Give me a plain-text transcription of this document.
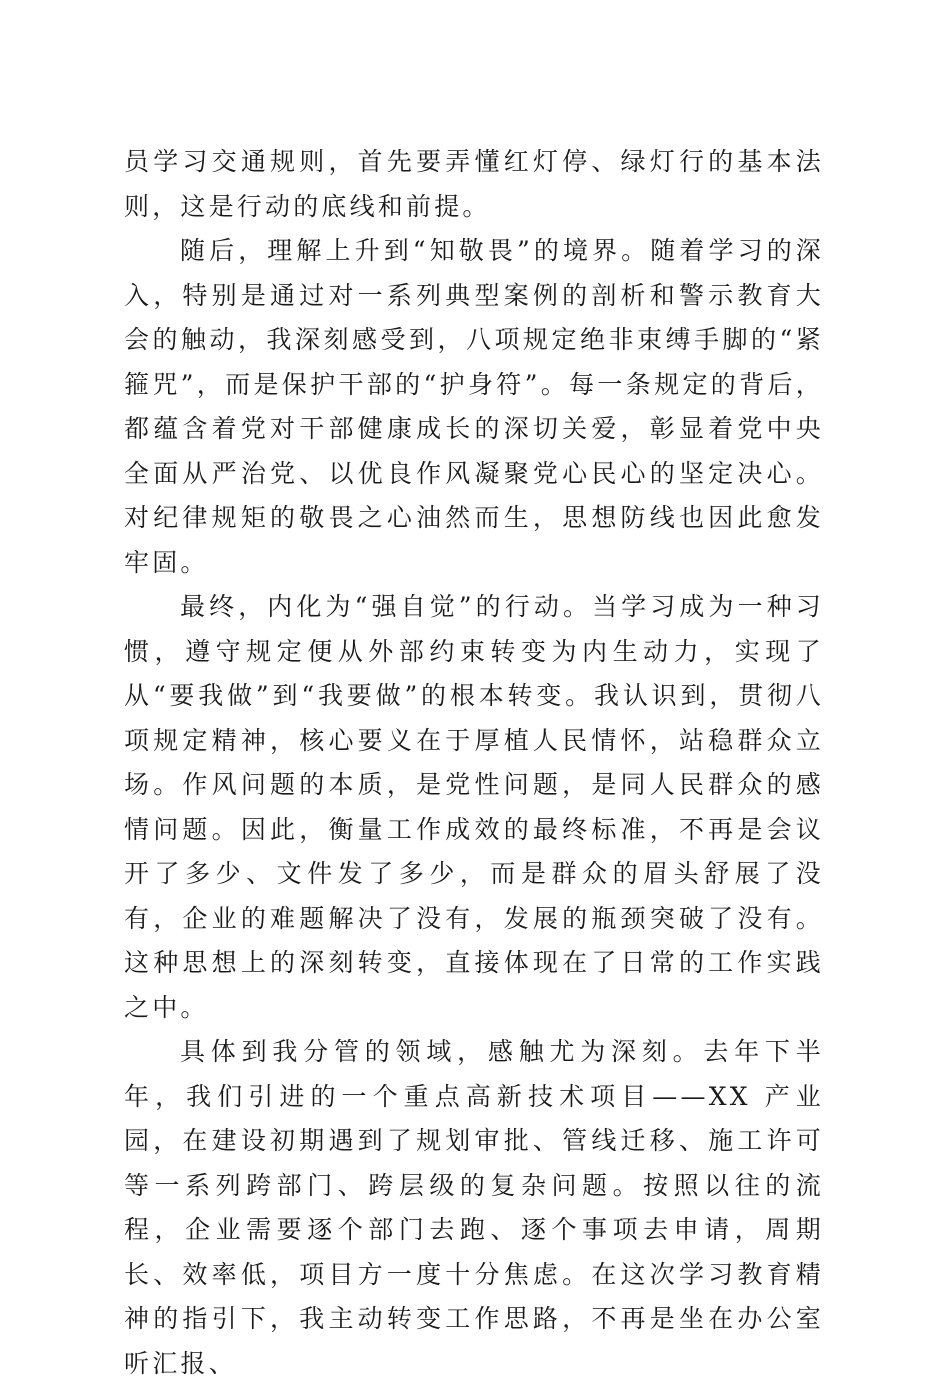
员学习交通规则，首先要弄懂红灯停、绿灯行的基本法则，这是行动的底线和前提。

随后，理解上升到“知敬畏”的境界。随着学习的深入，特别是通过对一系列典型案例的剖析和警示教育大会的触动，我深刻感受到，八项规定绝非束缚手脚的“紧箍咒”，而是保护干部的“护身符”。每一条规定的背后，都蕴含着党对干部健康成长的深切关爱，彰显着党中央全面从严治党、以优良作风凝聚党心民心的坚定决心。对纪律规矩的敬畏之心油然而生，思想防线也因此愈发牢固。

最终，内化为“强自觉”的行动。当学习成为一种习惯，遵守规定便从外部约束转变为内生动力，实现了从“要我做”到“我要做”的根本转变。我认识到，贯彻八项规定精神，核心要义在于厚植人民情怀，站稳群众立场。作风问题的本质，是党性问题，是同人民群众的感情问题。因此，衡量工作成效的最终标准，不再是会议开了多少、文件发了多少，而是群众的眉头舒展了没有，企业的难题解决了没有，发展的瓶颈突破了没有。这种思想上的深刻转变，直接体现在了日常的工作实践之中。

具体到我分管的领域，感触尤为深刻。去年下半年，我们引进的一个重点高新技术项目——XX 产业园，在建设初期遇到了规划审批、管线迁移、施工许可等一系列跨部门、跨层级的复杂问题。按照以往的流程，企业需要逐个部门去跑、逐个事项去申请，周期长、效率低，项目方一度十分焦虑。在这次学习教育精神的指引下，我主动转变工作思路，不再是坐在办公室听汇报、
